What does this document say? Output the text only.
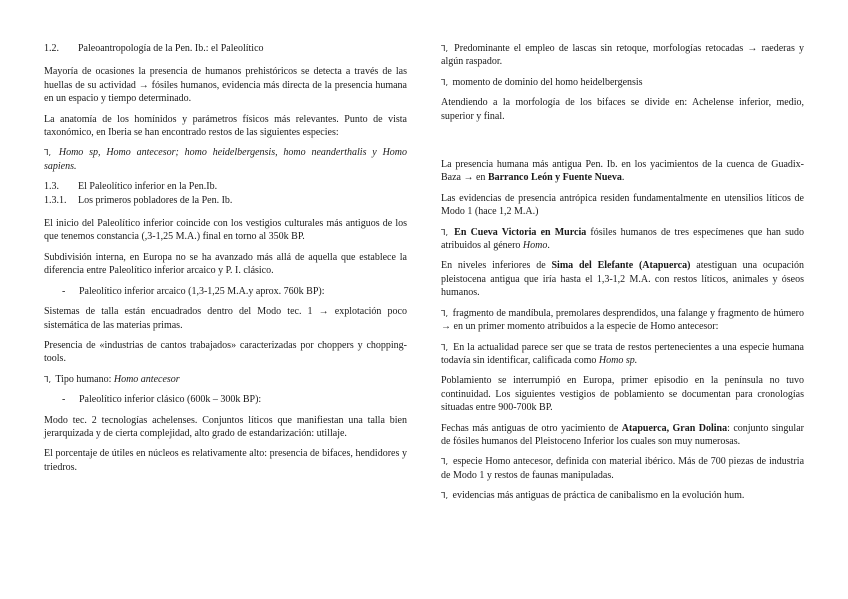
1.2.	Paleoantropología de la Pen. Ib.: el Paleolítico

Mayoría de ocasiones la presencia de humanos prehistóricos se detecta a través de las huellas de su actividad → fósiles humanos, evidencia más directa de la presencia humana en un espacio y tiempo determinado.

La anatomía de los homínidos y parámetros físicos más relevantes. Punto de vista taxonómico, en Iberia se han encontrado restos de las siguientes especies:

Ꞁ, Homo sp, Homo antecesor; homo heidelbergensis, homo neanderthalis y Homo sapiens.

1.3.	El Paleolítico inferior en la Pen.Ib.
1.3.1.	Los primeros pobladores de la Pen. Ib.

El inicio del Paleolítico inferior coincide con los vestigios culturales más antiguos de los que tenemos constancia (,3-1,25 M.A.) final en torno al 350k BP.

Subdivisión interna, en Europa no se ha avanzado más allá de aquella que establece la diferencia entre Paleolítico inferior arcaico y P. I. clásico.

-	Paleolítico inferior arcaico (1,3-1,25 M.A.y aprox. 760k BP):

Sistemas de talla están encuadrados dentro del Modo tec. 1 → explotación poco sistemática de las materias primas.

Presencia de «industrias de cantos trabajados» caracterizadas por choppers y chopping-tools.

Ꞁ, Tipo humano: Homo antecesor

-	Paleolítico inferior clásico (600k – 300k BP):

Modo tec. 2 tecnologías achelenses. Conjuntos líticos que manifiestan una talla bien jerarquizada y de cierta complejidad, alto grado de estandarización: utillaje.

El porcentaje de útiles en núcleos es relativamente alto: presencia de bifaces, hendidores y triedros.

Ꞁ, Predominante el empleo de lascas sin retoque, morfologías retocadas → raederas y algún raspador.

Ꞁ, momento de dominio del homo heidelbergensis

Atendiendo a la morfología de los bifaces se divide en: Achelense inferior, medio, superior y final.

La presencia humana más antigua Pen. Ib. en los yacimientos de la cuenca de Guadix-Baza → en Barranco León y Fuente Nueva.

Las evidencias de presencia antrópica residen fundamentalmente en utensilios líticos de Modo 1 (hace 1,2 M.A.)

Ꞁ, En Cueva Victoria en Murcia fósiles humanos de tres especímenes que han sudo atribuidos al género Homo.

En niveles inferiores de Sima del Elefante (Atapuerca) atestiguan una ocupación pleistocena antigua que iría hasta el 1,3-1,2 M.A. con restos líticos, animales y óseos humanos.

Ꞁ, fragmento de mandíbula, premolares desprendidos, una falange y fragmento de húmero → en un primer momento atribuidos a la especie de Homo antecesor:

Ꞁ, En la actualidad parece ser que se trata de restos pertenecientes a una especie humana todavía sin identificar, calificada como Homo sp.

Poblamiento se interrumpió en Europa, primer episodio en la península no tuvo continuidad. Los siguientes vestigios de poblamiento se documentan para cronologías situadas entre 900-700k BP.

Fechas más antiguas de otro yacimiento de Atapuerca, Gran Dolina: conjunto singular de fósiles humanos del Pleistoceno Inferior los cuales son muy numerosas.

Ꞁ, especie Homo antecesor, definida con material ibérico. Más de 700 piezas de industria de Modo 1 y restos de faunas manipuladas.

Ꞁ, evidencias más antiguas de práctica de canibalismo en la evolución hum.
